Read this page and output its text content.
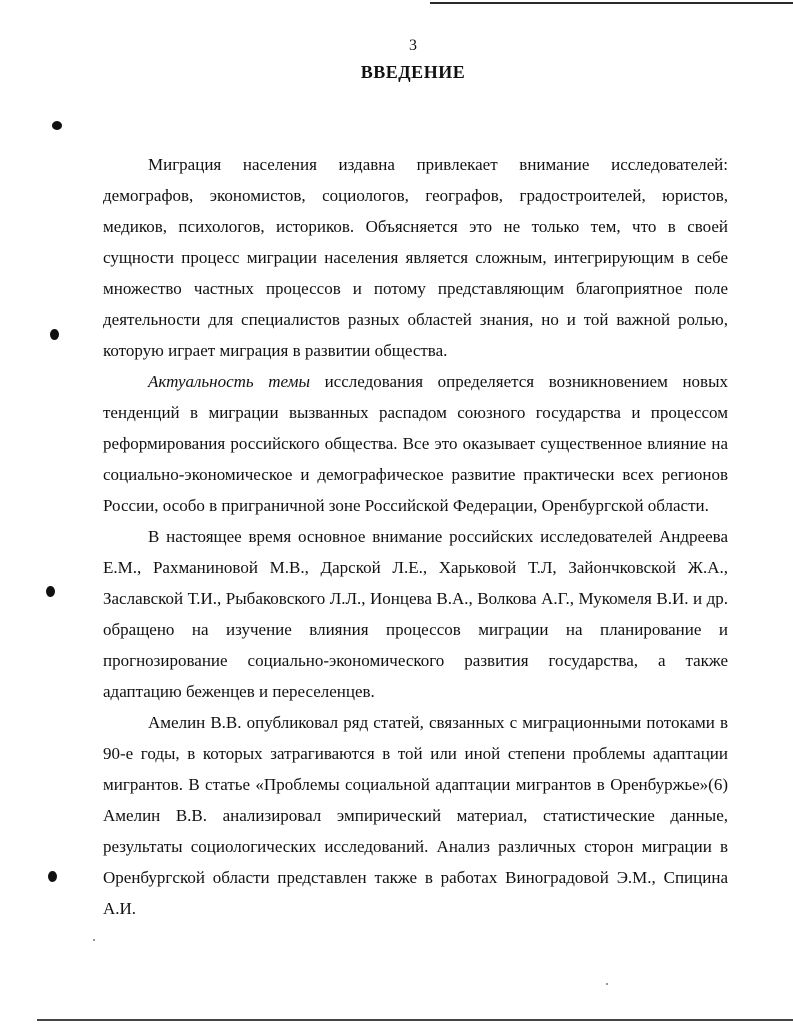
3
ВВЕДЕНИЕ

Миграция населения издавна привлекает внимание исследователей: демографов, экономистов, социологов, географов, градостроителей, юристов, медиков, психологов, историков. Объясняется это не только тем, что в своей сущности процесс миграции населения является сложным, интегрирующим в себе множество частных процессов и потому представляющим благоприятное поле деятельности для специалистов разных областей знания, но и той важной ролью, которую играет миграция в развитии общества.

Актуальность темы исследования определяется возникновением новых тенденций в миграции вызванных распадом союзного государства и процессом реформирования российского общества. Все это оказывает существенное влияние на социально-экономическое и демографическое развитие практически всех регионов России, особо в приграничной зоне Российской Федерации, Оренбургской области.

В настоящее время основное внимание российских исследователей Андреева Е.М., Рахманиновой М.В., Дарской Л.Е., Харьковой Т.Л, Зайончковской Ж.А., Заславской Т.И., Рыбаковского Л.Л., Ионцева В.А., Волкова А.Г., Мукомеля В.И. и др. обращено на изучение влияния процессов миграции на планирование и прогнозирование социально-экономического развития государства, а также адаптацию беженцев и переселенцев.

Амелин В.В. опубликовал ряд статей, связанных с миграционными потоками в 90-е годы, в которых затрагиваются в той или иной степени проблемы адаптации мигрантов. В статье «Проблемы социальной адаптации мигрантов в Оренбуржье»(6) Амелин В.В. анализировал эмпирический материал, статистические данные, результаты социологических исследований. Анализ различных сторон миграции в Оренбургской области представлен также в работах Виноградовой Э.М., Спицина А.И.
